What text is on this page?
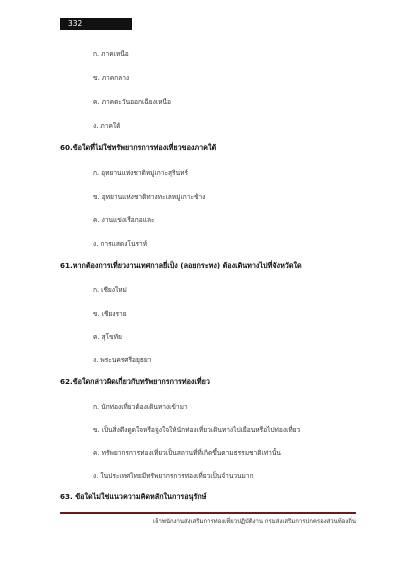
332
ก. ภาคเหนือ
ข. ภาคกลาง
ค. ภาคตะวันออกเฉียงเหนือ
ง. ภาคใต้
60.ข้อใดที่ไม่ใช่ทรัพยากรการท่องเที่ยวของภาคใต้
ก. อุทยานแห่งชาติหมู่เกาะสุรินทร์
ข. อุทยานแห่งชาติทางทะเลหมู่เกาะช้าง
ค. งานแข่งเรือกอและ
ง. การแสดงโนราห์
61.หากต้องการเที่ยวงานเทศกาลยี่เป็ง (ลอยกระทง) ต้องเดินทางไปที่จังหวัดใด
ก. เชียงใหม่
ข. เชียงราย
ค. สุโขทัย
ง. พระนครศรีอยุธยา
62.ข้อใดกล่าวผิดเกี่ยวกับทรัพยากรการท่องเที่ยว
ก. นักท่องเที่ยวต้องเดินทางเข้ามา
ข. เป็นสิ่งดึงดูดใจหรือจูงใจให้นักท่องเที่ยวเดินทางไปเยือนหรือไปท่องเที่ยว
ค. ทรัพยากรการท่องเที่ยวเป็นสถานที่ที่เกิดขึ้นตามธรรมชาติเท่านั้น
ง. ในประเทศไทยมีทรัพยากรการท่องเที่ยวเป็นจำนวนมาก
63. ข้อใดไม่ใช่แนวความคิดหลักในการอนุรักษ์
เจ้าพนักงานส่งเสริมการท่องเที่ยวปฏิบัติงาน กรมส่งเสริมการปกครองส่วนท้องถิ่น
